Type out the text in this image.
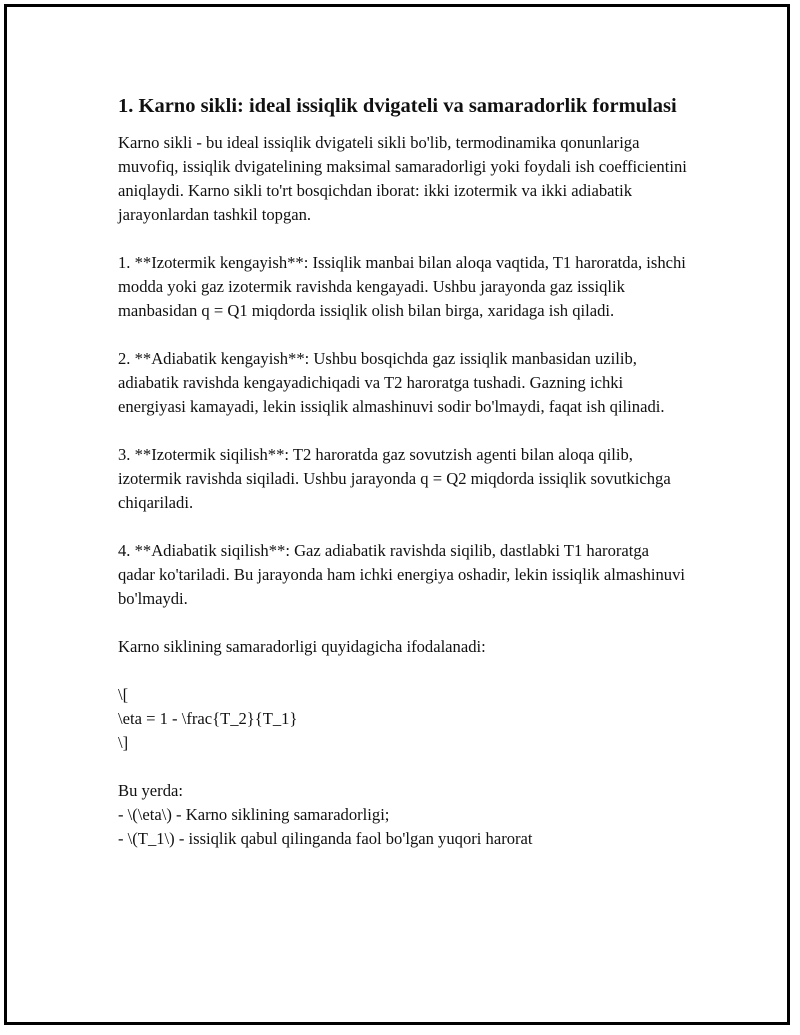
1. Karno sikli: ideal issiqlik dvigateli va samaradorlik formulasi

Karno sikli - bu ideal issiqlik dvigateli sikli bo'lib, termodinamika qonunlariga muvofiq, issiqlik dvigatelining maksimal samaradorligi yoki foydali ish coefficientini aniqlaydi. Karno sikli to'rt bosqichdan iborat: ikki izotermik va ikki adiabatik jarayonlardan tashkil topgan.

1. **Izotermik kengayish**: Issiqlik manbai bilan aloqa vaqtida, T1 haroratda, ishchi modda yoki gaz izotermik ravishda kengayadi. Ushbu jarayonda gaz issiqlik manbasidan q = Q1 miqdorda issiqlik olish bilan birga, xaridaga ish qiladi.

2. **Adiabatik kengayish**: Ushbu bosqichda gaz issiqlik manbasidan uzilib, adiabatik ravishda kengayadichiqadi va T2 haroratga tushadi. Gazning ichki energiyasi kamayadi, lekin issiqlik almashinuvi sodir bo'lmaydi, faqat ish qilinadi.

3. **Izotermik siqilish**: T2 haroratda gaz sovutzish agenti bilan aloqa qilib, izotermik ravishda siqiladi. Ushbu jarayonda q = Q2 miqdorda issiqlik sovutkichga chiqariladi.

4. **Adiabatik siqilish**: Gaz adiabatik ravishda siqilib, dastlabki T1 haroratga qadar ko'tariladi. Bu jarayonda ham ichki energiya oshadir, lekin issiqlik almashinuvi bo'lmaydi.

Karno siklining samaradorligi quyidagicha ifodalanadi:

\[
\eta = 1 - \frac{T_2}{T_1}
\]

Bu yerda:
- \(\eta\) - Karno siklining samaradorligi;
- \(T_1\) - issiqlik qabul qilinganda faol bo'lgan yuqori harorat
